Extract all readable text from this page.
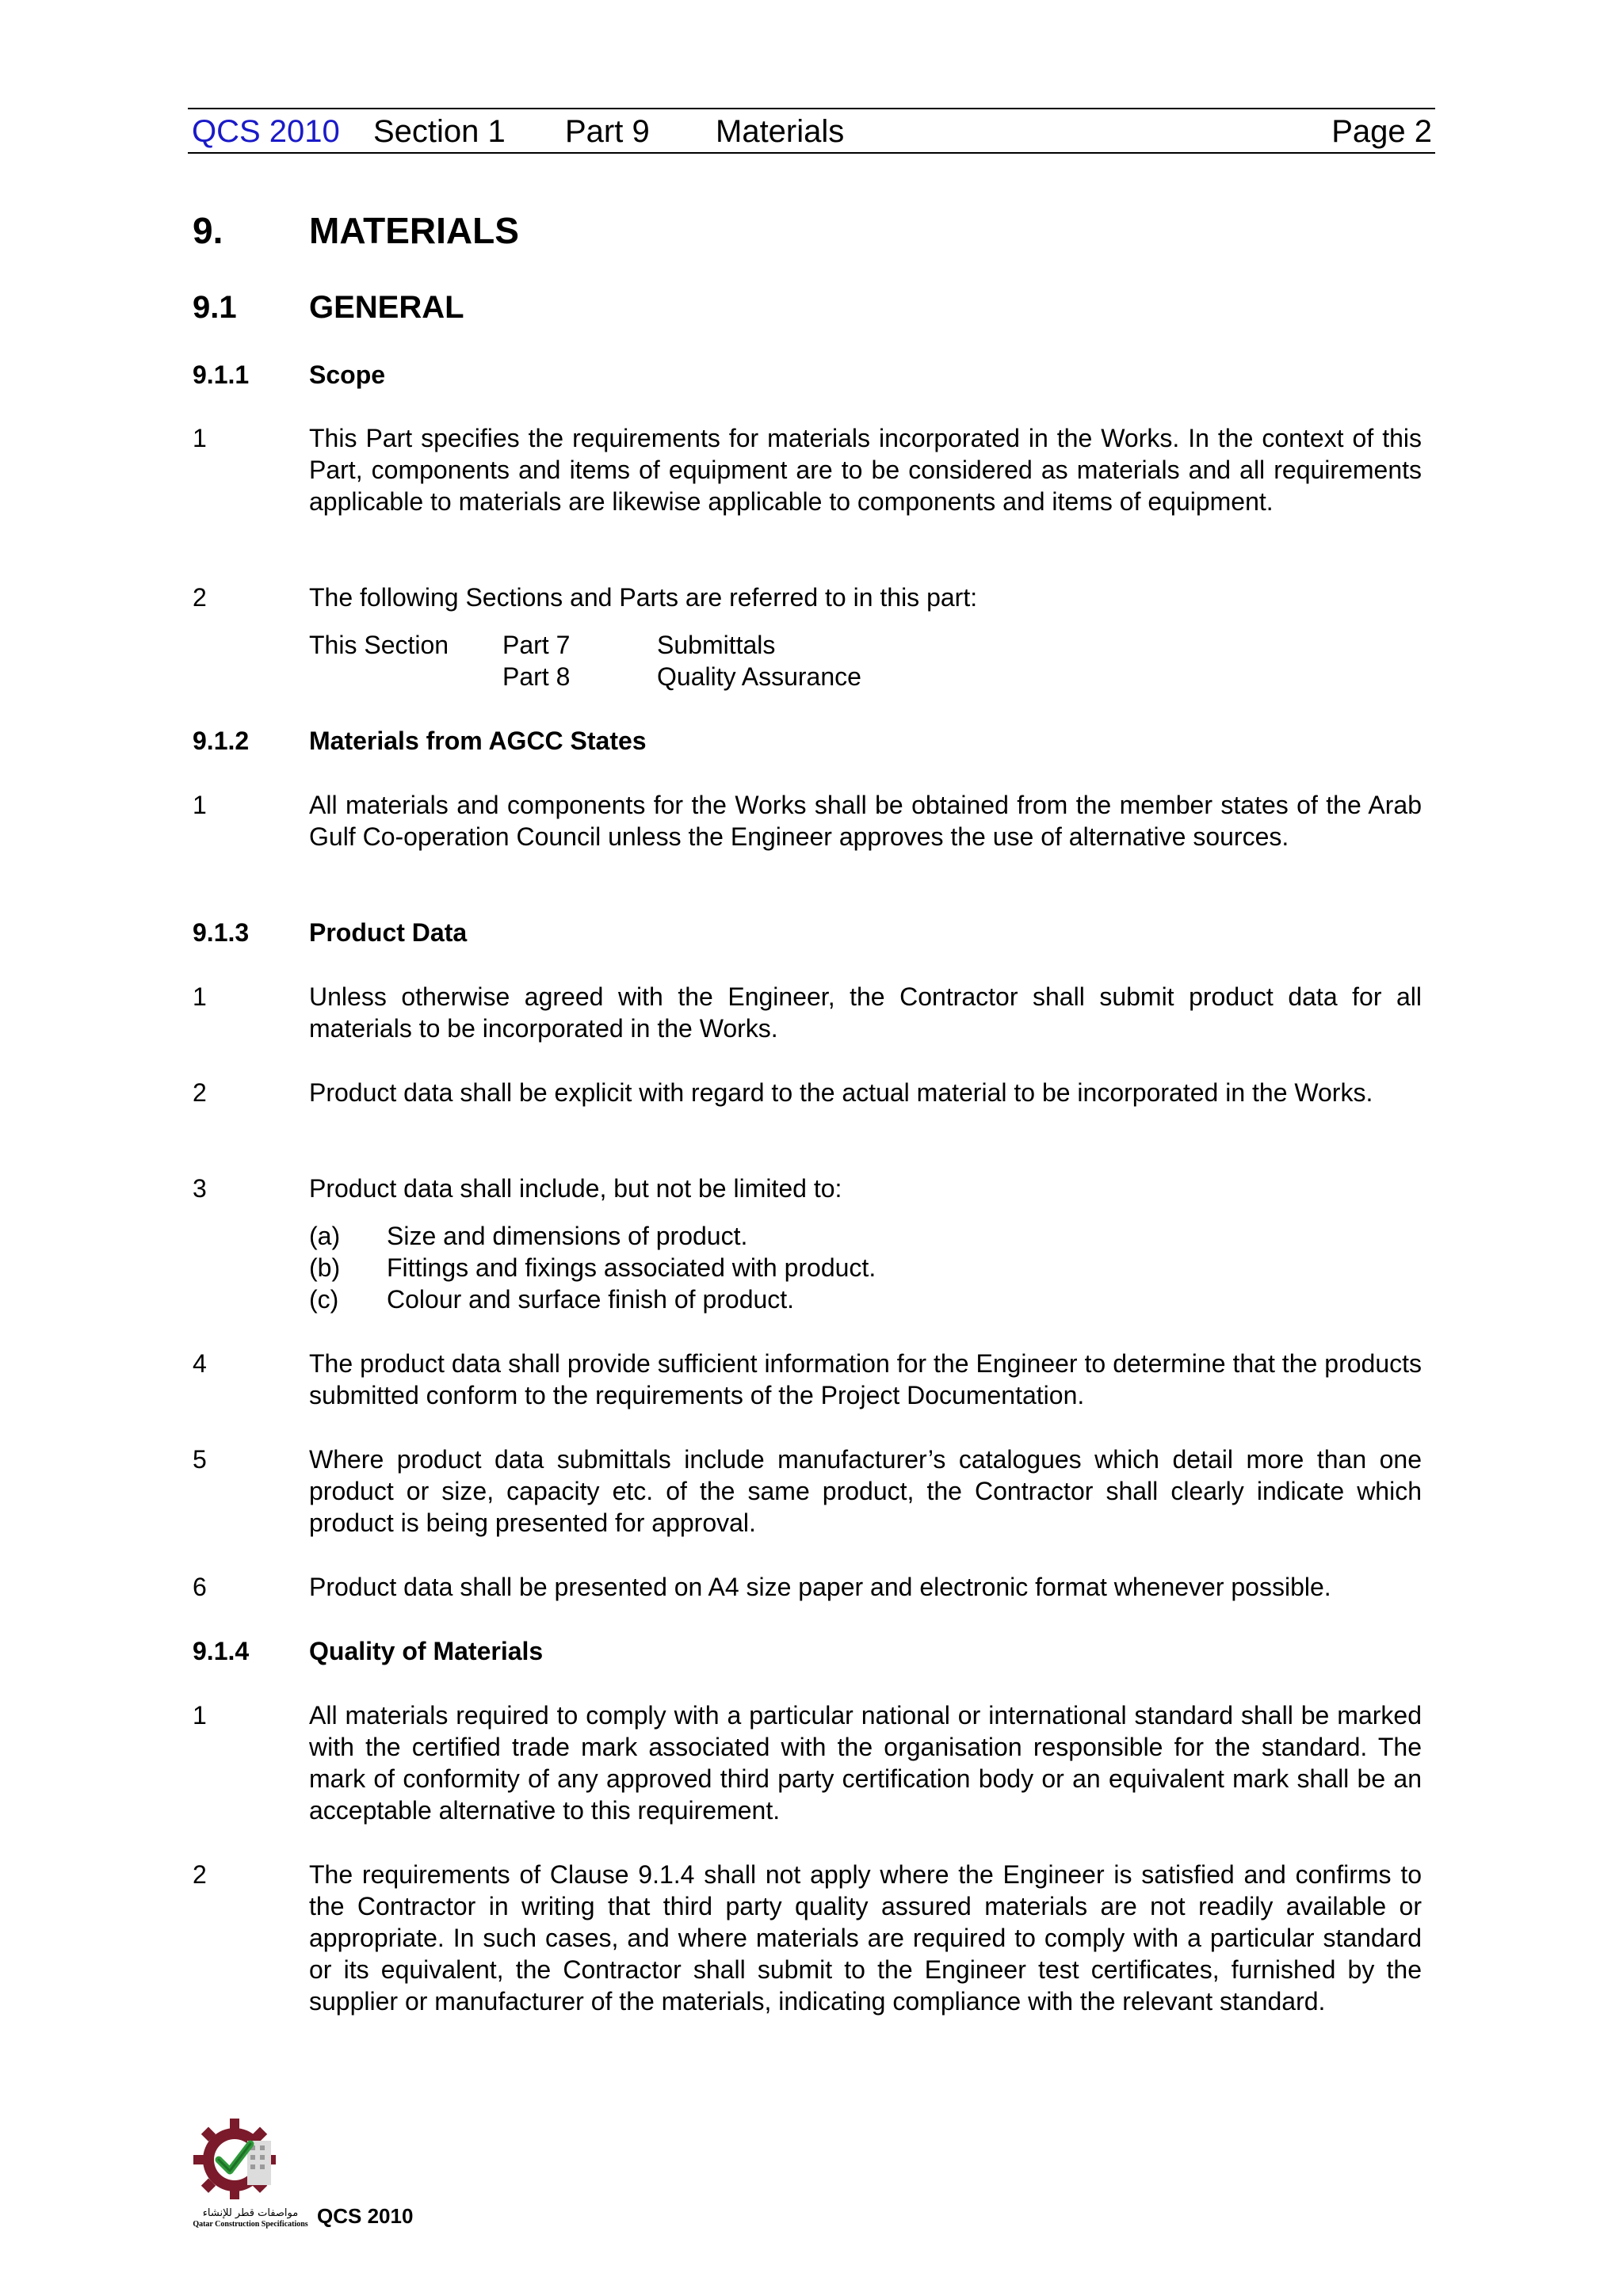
QCS 2010 Section 1 Part 9 Materials	Page 2
9. MATERIALS
9.1 GENERAL
9.1.1 Scope
1	This Part specifies the requirements for materials incorporated in the Works. In the context of this Part, components and items of equipment are to be considered as materials and all requirements applicable to materials are likewise applicable to components and items of equipment.
2	The following Sections and Parts are referred to in this part:
This Section Part 7	Submittals
Part 8	Quality Assurance
9.1.2 Materials from AGCC States
1	All materials and components for the Works shall be obtained from the member states of the Arab Gulf Co-operation Council unless the Engineer approves the use of alternative sources.
9.1.3 Product Data
1	Unless otherwise agreed with the Engineer, the Contractor shall submit product data for all materials to be incorporated in the Works.
2	Product data shall be explicit with regard to the actual material to be incorporated in the Works.
3	Product data shall include, but not be limited to:
(a) Size and dimensions of product.
(b) Fittings and fixings associated with product.
(c) Colour and surface finish of product.
4	The product data shall provide sufficient information for the Engineer to determine that the products submitted conform to the requirements of the Project Documentation.
5	Where product data submittals include manufacturer’s catalogues which detail more than one product or size, capacity etc. of the same product, the Contractor shall clearly indicate which product is being presented for approval.
6	Product data shall be presented on A4 size paper and electronic format whenever possible.
9.1.4 Quality of Materials
1	All materials required to comply with a particular national or international standard shall be marked with the certified trade mark associated with the organisation responsible for the standard. The mark of conformity of any approved third party certification body or an equivalent mark shall be an acceptable alternative to this requirement.
2	The requirements of Clause 9.1.4 shall not apply where the Engineer is satisfied and confirms to the Contractor in writing that third party quality assured materials are not readily available or appropriate. In such cases, and where materials are required to comply with a particular standard or its equivalent, the Contractor shall submit to the Engineer test certificates, furnished by the supplier or manufacturer of the materials, indicating compliance with the relevant standard.
مواصفات قطر للإنشاء
Qatar Construction Specifications QCS 2010
